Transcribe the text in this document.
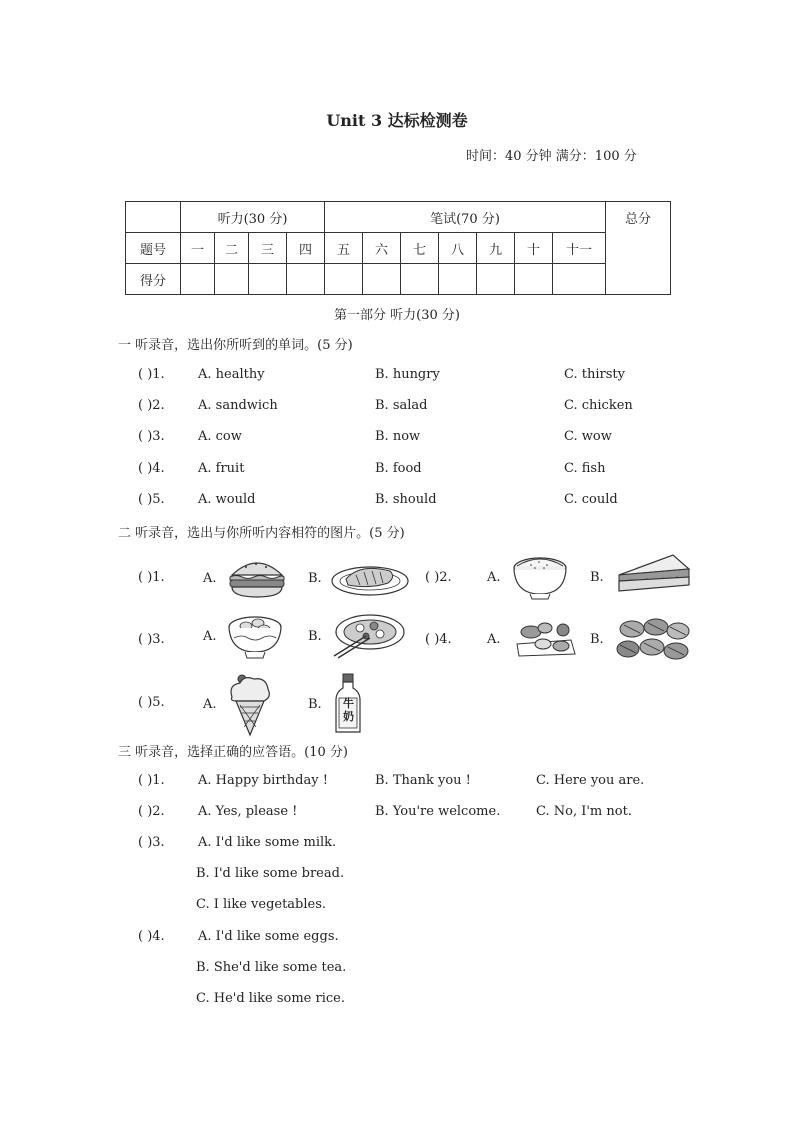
Unit 3 达标检测卷
时间：40 分钟 满分：100 分
	听力(30 分)				笔试(70 分)							总分
题号	一	二	三	四	五	六	七	八	九	十	十一	
得分												
第一部分 听力(30 分)
一 听录音，选出你所听到的单词。(5 分)
( )1.	A. healthy	B. hungry	C. thirsty
( )2.	A. sandwich	B. salad	C. chicken
( )3.	A. cow	B. now	C. wow
( )4.	A. fruit	B. food	C. fish
( )5.	A. would	B. should	C. could
二 听录音，选出与你所听内容相符的图片。(5 分)
( )1.	A.	B.	( )2.	A.	B.
( )3.	A.	B.	( )4.	A.	B.
( )5.	A.	B. 牛奶
三 听录音，选择正确的应答语。(10 分)
( )1.	A. Happy birthday !	B. Thank you !	C. Here you are.
( )2.	A. Yes, please !	B. You're welcome.	C. No, I'm not.
( )3.	A. I'd like some milk.
B. I'd like some bread.
C. I like vegetables.
( )4.	A. I'd like some eggs.
B. She'd like some tea.
C. He'd like some rice.
